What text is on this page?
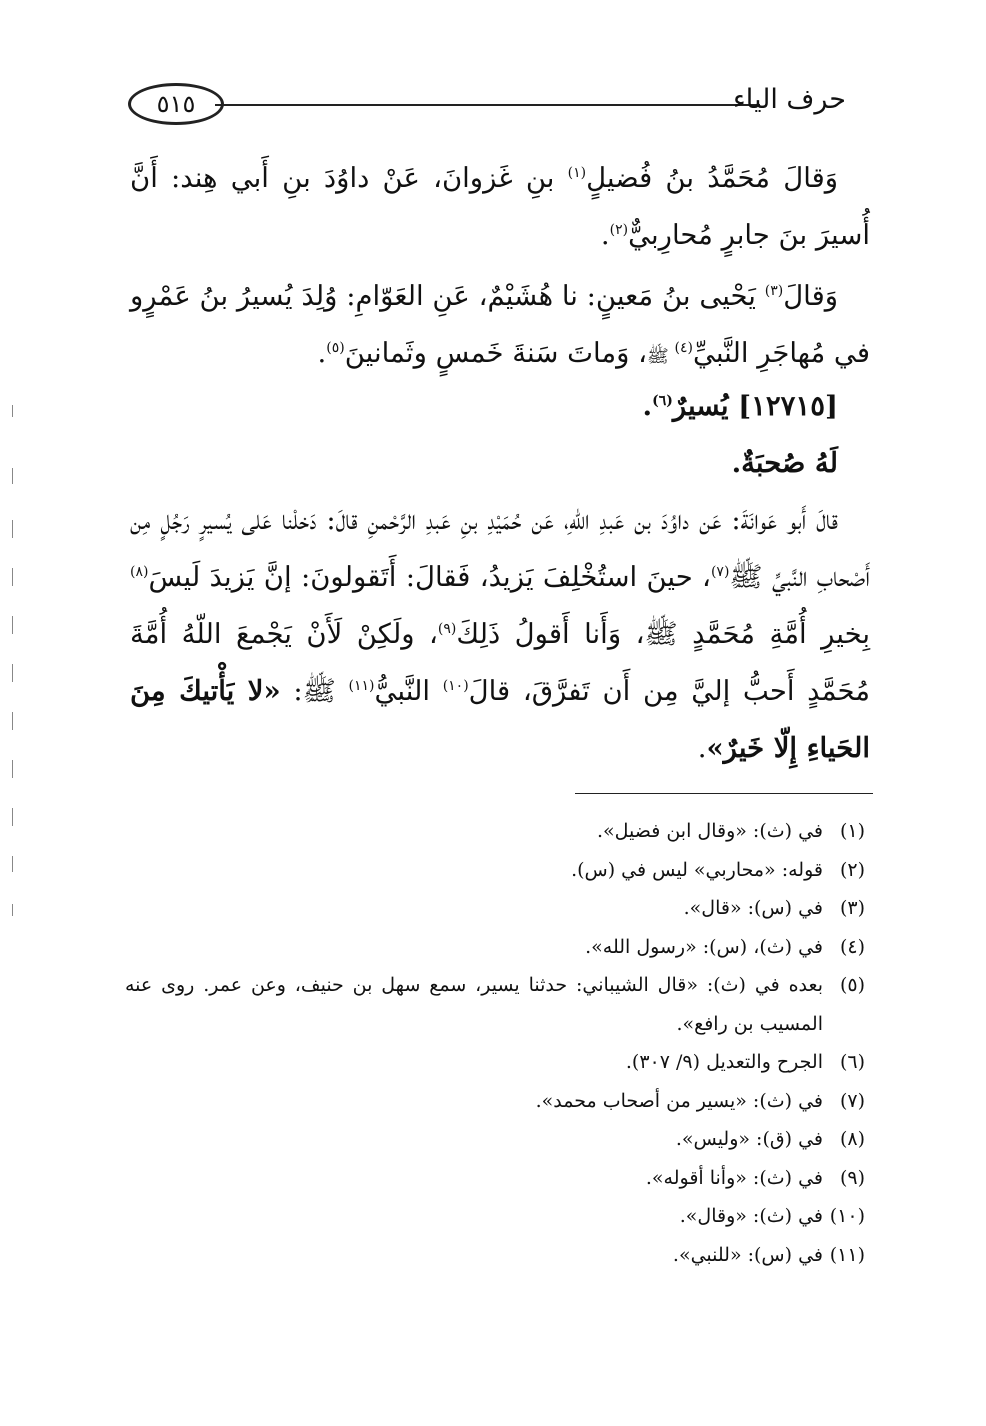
٥١٥	حرف الياء

وَقالَ مُحَمَّدُ بنُ فُضيلٍ$^{(١)}$ بنِ غَزوانَ، عَنْ داوُدَ بنِ أَبي هِند: أَنَّ أُسيرَ بنَ جابرٍ مُحارِبيٌّ$^{(٢)}$.

وَقالَ$^{(٣)}$ يَحْيى بنُ مَعينٍ: نا هُشَيْمٌ، عَنِ العَوّامِ: وُلِدَ يُسيرُ بنُ عَمْرٍو في مُهاجَرِ النَّبيِّ$^{(٤)}$ ﷺ، وَماتَ سَنةَ خَمسٍ وثَمانينَ$^{(٥)}$.

[١٢٧١٥] يُسيرٌ$^{(٦)}$.

لَهُ صُحبَةٌ.

قالَ أَبو عَوانَةَ: عَن داوُدَ بن عَبدِ اللّهِ، عَن حُمَيْدِ بنِ عَبدِ الرَّحْمنِ قالَ: دَخلْنا عَلى يُسيرٍ رَجُلٍ مِن أَصْحابِ النَّبيِّ ﷺ$^{(٧)}$، حينَ استُخْلِفَ يَزيدُ، فَقالَ: أَتَقولونَ: إنَّ يَزيدَ لَيسَ$^{(٨)}$ بِخيرِ أُمَّةِ مُحَمَّدٍ ﷺ، وَأَنا أَقولُ ذَلِكَ$^{(٩)}$، ولَكِنْ لَأَنْ يَجْمعَ اللّهُ أُمَّةَ مُحَمَّدٍ أَحبُّ إليَّ مِن أَن تَفرَّقَ، قالَ$^{(١٠)}$ النَّبيُّ$^{(١١)}$ ﷺ: «لا يَأْتيكَ مِنَ الحَياءِ إِلّا خَيرٌ».

(١)
في (ث): «وقال ابن فضيل».
(٢)
قوله: «محاربي» ليس في (س).
(٣)
في (س): «قال».
(٤)
في (ث)، (س): «رسول الله».
(٥)
بعده في (ث): «قال الشيباني: حدثنا يسير، سمع سهل بن حنيف، وعن عمر. روى عنه المسيب بن رافع».
(٦)
الجرح والتعديل (٩/ ٣٠٧).
(٧)
في (ث): «يسير من أصحاب محمد».
(٨)
في (ق): «وليس».
(٩)
في (ث): «وأنا أقوله».
(١٠)
في (ث): «وقال».
(١١)
في (س): «للنبي».
